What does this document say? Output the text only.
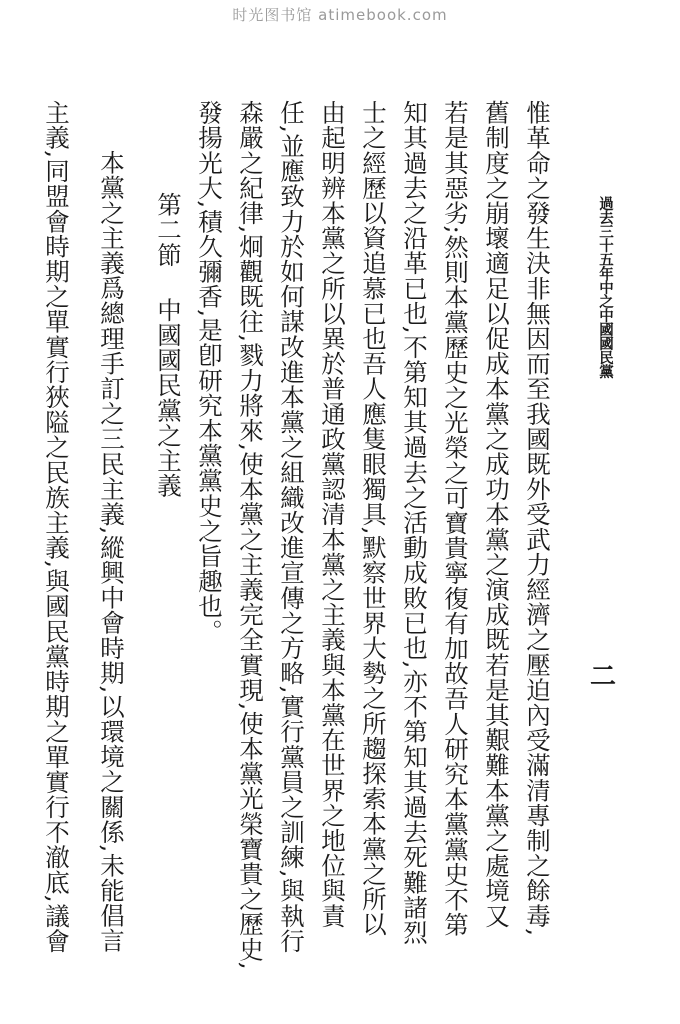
时光图书馆 atimebook.com
過去三十五年中之中國國民黨
二
惟革命之發生決非無因而至我國既外受武力經濟之壓迫內受滿清專制之餘毒,
舊制度之崩壞適足以促成本黨之成功本黨之演成既若是其艱難本黨之處境又
若是其惡劣;然則本黨歷史之光榮之可寶貴寧復有加故吾人研究本黨黨史不第
知其過去之沿革已也,不第知其過去之活動成敗已也,亦不第知其過去死難諸烈
士之經歷以資追慕已也吾人應隻眼獨具,默察世界大勢之所趨探索本黨之所以
由起明辨本黨之所以異於普通政黨認清本黨之主義與本黨在世界之地位與責
任,並應致力於如何謀改進本黨之組織改進宣傳之方略,實行黨員之訓練,與執行
森嚴之紀律,炯觀既往,戮力將來,使本黨之主義完全實現,使本黨光榮寶貴之歷史,
發揚光大,積久彌香,是卽研究本黨黨史之旨趣也。
第二節中國國民黨之主義
本黨之主義爲總理手訂之三民主義,縱興中會時期,以環境之關係,未能倡言
主義,同盟會時期之單實行狹隘之民族主義,與國民黨時期之單實行不澈底,議會
